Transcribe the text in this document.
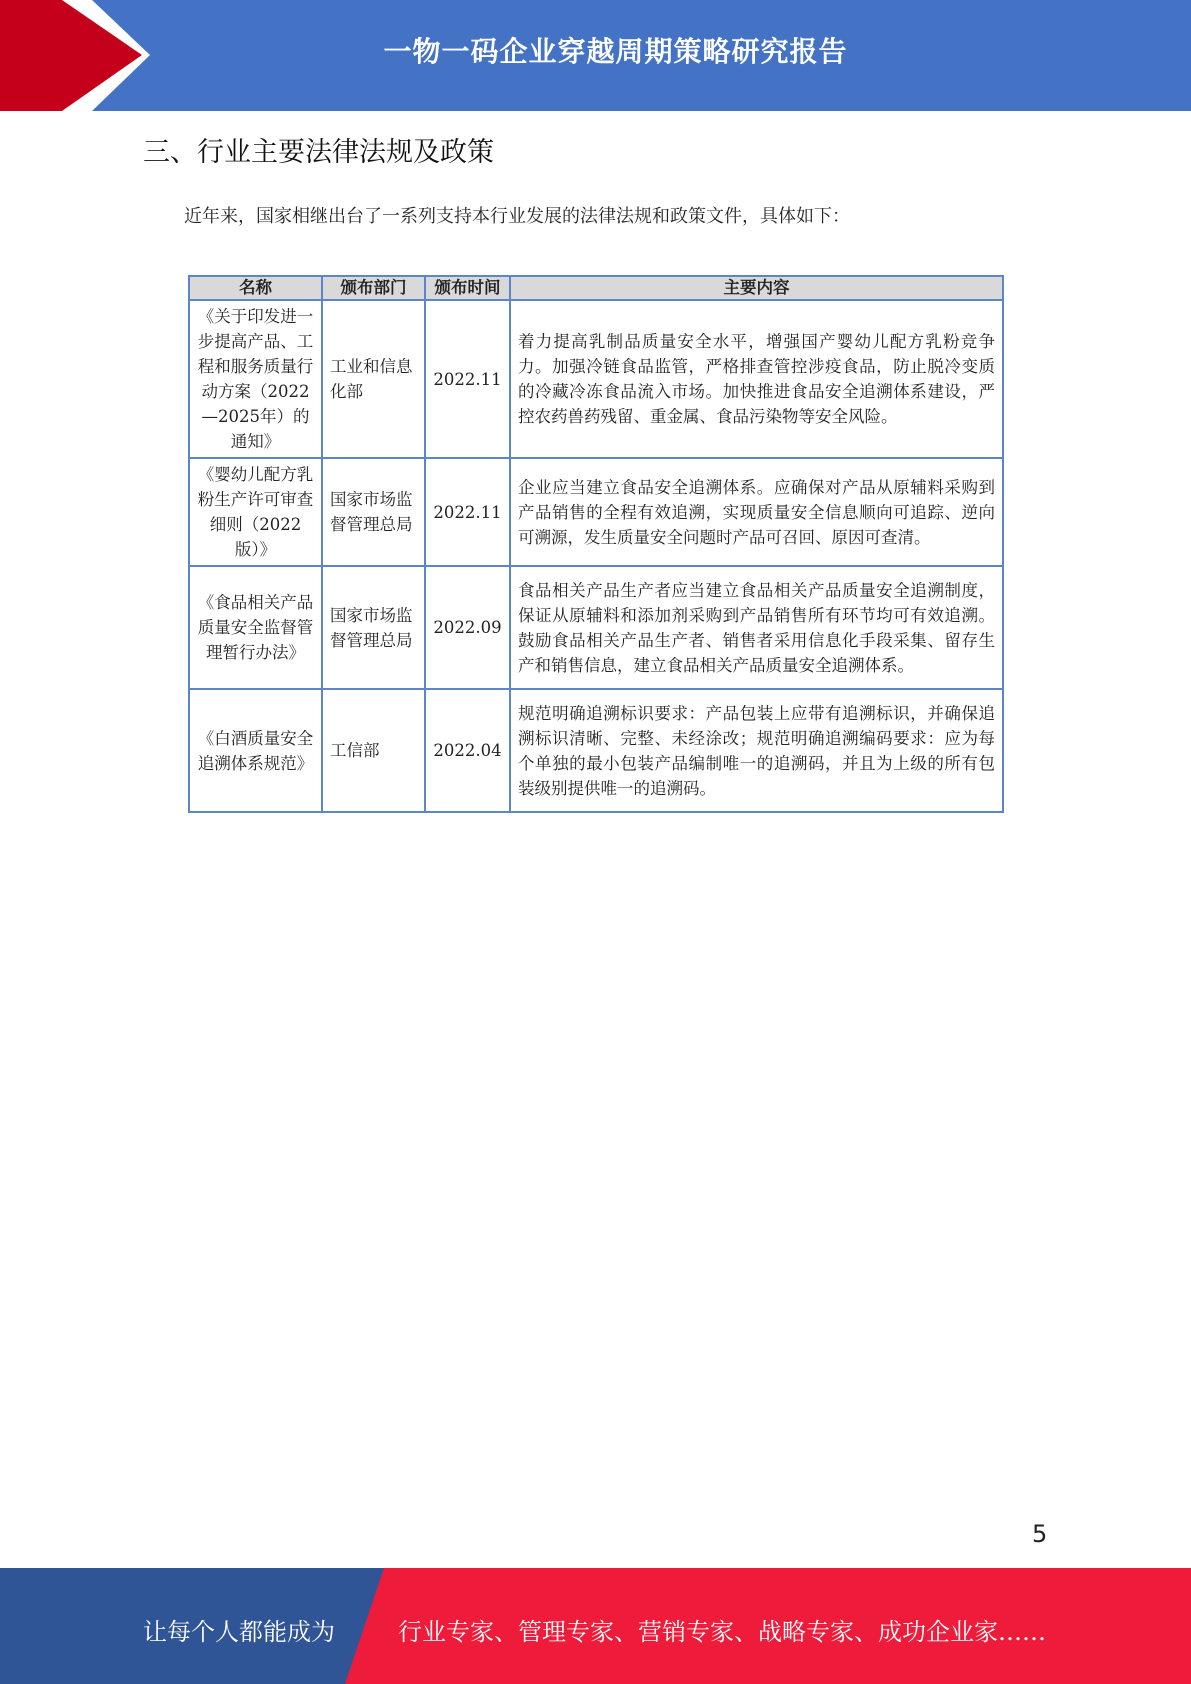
一物一码企业穿越周期策略研究报告
三、行业主要法律法规及政策
近年来，国家相继出台了一系列支持本行业发展的法律法规和政策文件，具体如下：
名称	颁布部门	颁布时间	主要内容
《关于印发进一步提高产品、工程和服务质量行动方案（2022—2025年）的通知》	工业和信息化部	2022.11	着力提高乳制品质量安全水平，增强国产婴幼儿配方乳粉竞争力。加强冷链食品监管，严格排查管控涉疫食品，防止脱冷变质的冷藏冷冻食品流入市场。加快推进食品安全追溯体系建设，严控农药兽药残留、重金属、食品污染物等安全风险。
《婴幼儿配方乳粉生产许可审查细则（2022版）》	国家市场监督管理总局	2022.11	企业应当建立食品安全追溯体系。应确保对产品从原辅料采购到产品销售的全程有效追溯，实现质量安全信息顺向可追踪、逆向可溯源，发生质量安全问题时产品可召回、原因可查清。
《食品相关产品质量安全监督管理暂行办法》	国家市场监督管理总局	2022.09	食品相关产品生产者应当建立食品相关产品质量安全追溯制度，保证从原辅料和添加剂采购到产品销售所有环节均可有效追溯。鼓励食品相关产品生产者、销售者采用信息化手段采集、留存生产和销售信息，建立食品相关产品质量安全追溯体系。
《白酒质量安全追溯体系规范》	工信部	2022.04	规范明确追溯标识要求：产品包装上应带有追溯标识，并确保追溯标识清晰、完整、未经涂改；规范明确追溯编码要求：应为每个单独的最小包装产品编制唯一的追溯码，并且为上级的所有包装级别提供唯一的追溯码。
5
让每个人都能成为	行业专家、管理专家、营销专家、战略专家、成功企业家……
